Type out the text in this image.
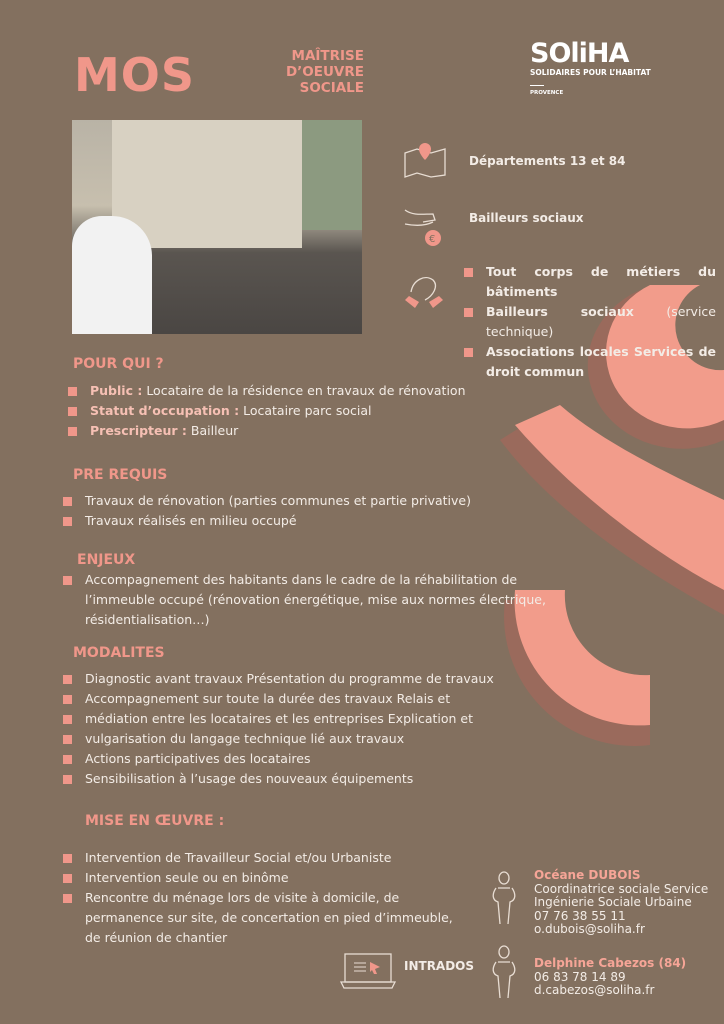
MOS	MAÎTRISE
D’OEUVRE
SOCIALE
SOliHA
SOLIDAIRES POUR L’HABITAT
PROVENCE
Départements 13 et 84
€
Bailleurs sociaux
Tout corps de métiers du bâtiments
Bailleurs sociaux (service technique)
Associations locales Services de droit commun
POUR QUI ?
Public : Locataire de la résidence en travaux de rénovation
Statut d’occupation : Locataire parc social
Prescripteur : Bailleur
PRE REQUIS
Travaux de rénovation (parties communes et partie privative)
Travaux réalisés en milieu occupé
ENJEUX
Accompagnement des habitants dans le cadre de la réhabilitation de l’immeuble occupé (rénovation énergétique, mise aux normes électrique, résidentialisation…)
MODALITES
Diagnostic avant travaux Présentation du programme de travaux
Accompagnement sur toute la durée des travaux Relais et
médiation entre les locataires et les entreprises Explication et
vulgarisation du langage technique lié aux travaux
Actions participatives des locataires
Sensibilisation à l’usage des nouveaux équipements
MISE EN ŒUVRE :
Intervention de Travailleur Social et/ou Urbaniste
Intervention seule ou en binôme
Rencontre du ménage lors de visite à domicile, de permanence sur site, de concertation en pied d’immeuble, de réunion de chantier
INTRADOS
Océane DUBOIS
Coordinatrice sociale Service
Ingénierie Sociale Urbaine
07 76 38 55 11
o.dubois@soliha.fr
Delphine Cabezos (84)
06 83 78 14 89
d.cabezos@soliha.fr
